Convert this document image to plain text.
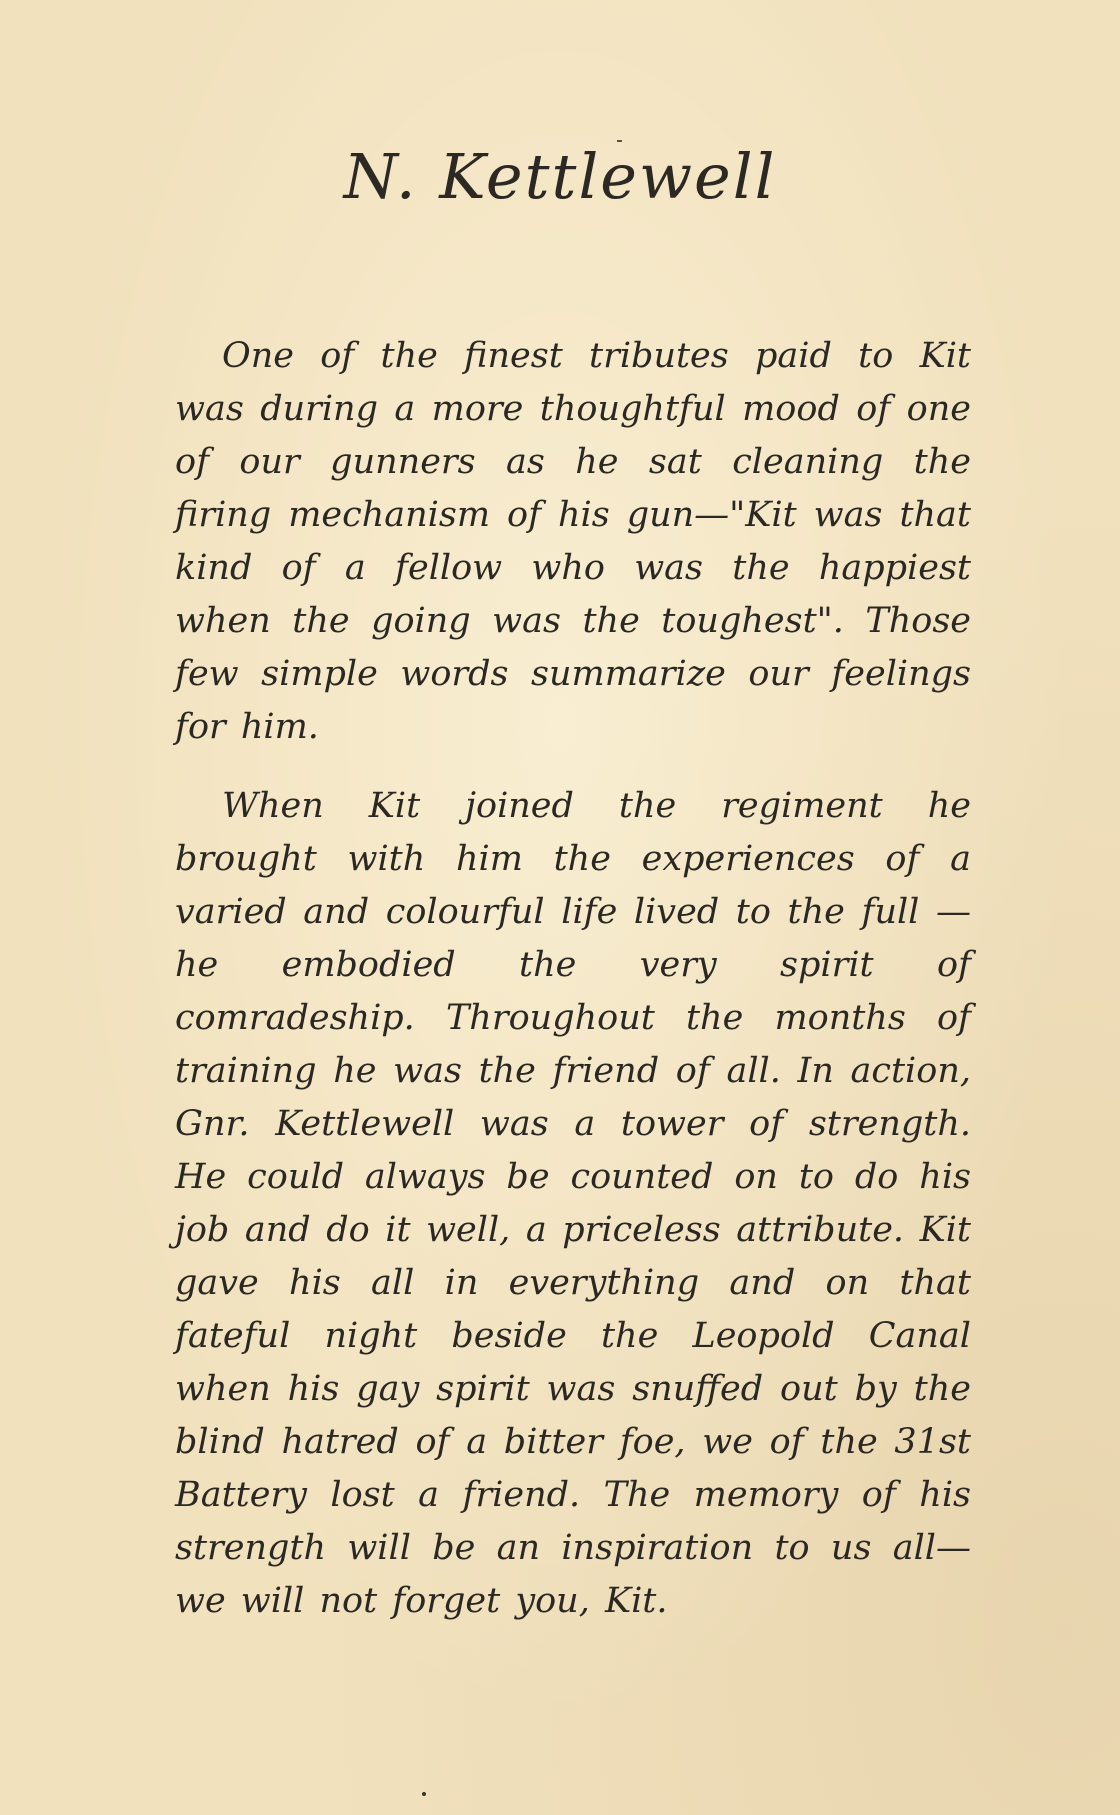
N. Kettlewell

One of the finest tributes paid to Kit was during a more thoughtful mood of one of our gunners as he sat cleaning the firing mechanism of his gun—"Kit was that kind of a fellow who was the happiest when the going was the toughest". Those few simple words summarize our feelings for him.

When Kit joined the regiment he brought with him the experiences of a varied and colourful life lived to the full —he embodied the very spirit of comradeship. Throughout the months of training he was the friend of all. In action, Gnr. Kettlewell was a tower of strength. He could always be counted on to do his job and do it well, a priceless attribute. Kit gave his all in everything and on that fateful night beside the Leopold Canal when his gay spirit was snuffed out by the blind hatred of a bitter foe, we of the 31st Battery lost a friend. The memory of his strength will be an inspiration to us all—we will not forget you, Kit.
